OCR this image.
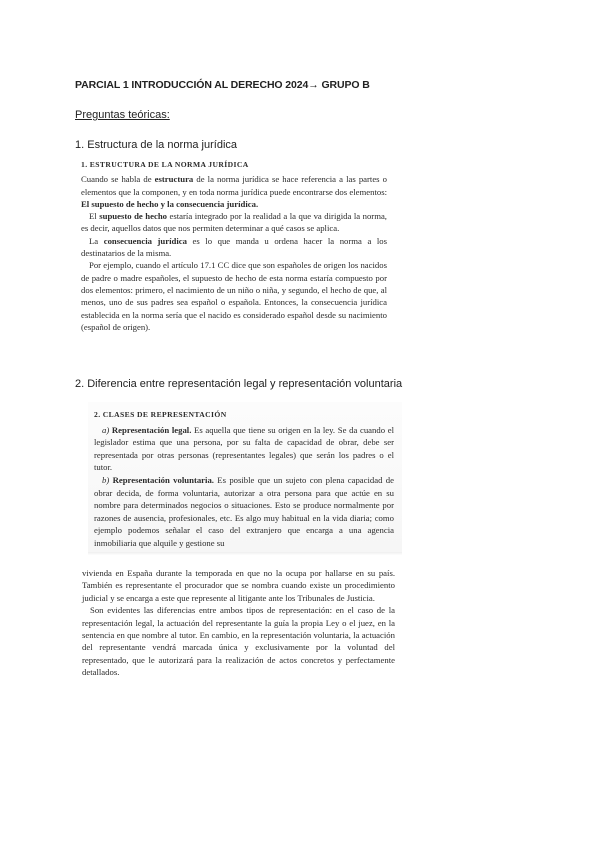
PARCIAL 1 INTRODUCCIÓN AL DERECHO 2024→ GRUPO B
Preguntas teóricas:
1. Estructura de la norma jurídica

1. ESTRUCTURA DE LA NORMA JURÍDICA

Cuando se habla de estructura de la norma jurídica se hace referencia a las partes o elementos que la componen, y en toda norma jurídica puede encontrarse dos elementos: El supuesto de hecho y la consecuencia jurídica.

El supuesto de hecho estaría integrado por la realidad a la que va dirigida la norma, es decir, aquellos datos que nos permiten determinar a qué casos se aplica.

La consecuencia jurídica es lo que manda u ordena hacer la norma a los destinatarios de la misma.

Por ejemplo, cuando el artículo 17.1 CC dice que son españoles de origen los nacidos de padre o madre españoles, el supuesto de hecho de esta norma estaría compuesto por dos elementos: primero, el nacimiento de un niño o niña, y segundo, el hecho de que, al menos, uno de sus padres sea español o española. Entonces, la consecuencia jurídica establecida en la norma sería que el nacido es considerado español desde su nacimiento (español de origen).

2. Diferencia entre representación legal y representación voluntaria

2. CLASES DE REPRESENTACIÓN

a) Representación legal. Es aquella que tiene su origen en la ley. Se da cuando el legislador estima que una persona, por su falta de capacidad de obrar, debe ser representada por otras personas (representantes legales) que serán los padres o el tutor.

b) Representación voluntaria. Es posible que un sujeto con plena capacidad de obrar decida, de forma voluntaria, autorizar a otra persona para que actúe en su nombre para determinados negocios o situaciones. Esto se produce normalmente por razones de ausencia, profesionales, etc. Es algo muy habitual en la vida diaria; como ejemplo podemos señalar el caso del extranjero que encarga a una agencia inmobiliaria que alquile y gestione su

vivienda en España durante la temporada en que no la ocupa por hallarse en su país. También es representante el procurador que se nombra cuando existe un procedimiento judicial y se encarga a este que represente al litigante ante los Tribunales de Justicia.

Son evidentes las diferencias entre ambos tipos de representación: en el caso de la representación legal, la actuación del representante la guía la propia Ley o el juez, en la sentencia en que nombre al tutor. En cambio, en la representación voluntaria, la actuación del representante vendrá marcada única y exclusivamente por la voluntad del representado, que le autorizará para la realización de actos concretos y perfectamente detallados.
